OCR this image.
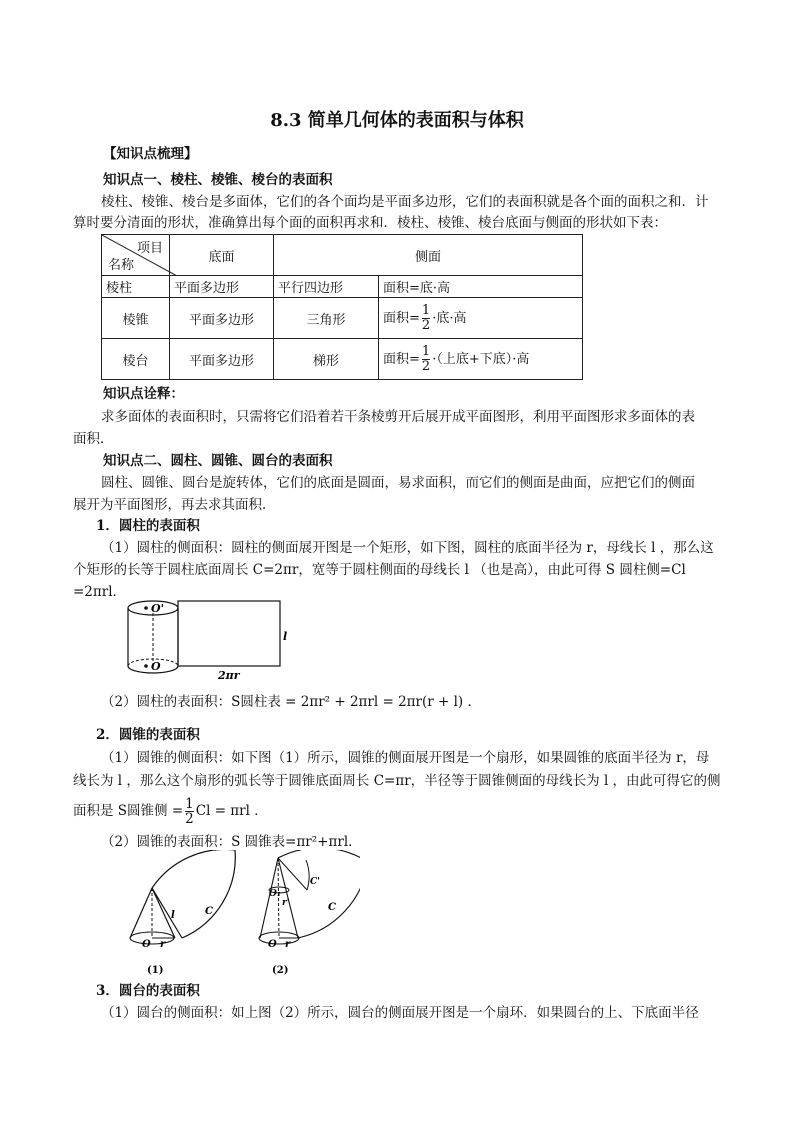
8.3 简单几何体的表面积与体积
【知识点梳理】
知识点一、棱柱、棱锥、棱台的表面积
棱柱、棱锥、棱台是多面体，它们的各个面均是平面多边形，它们的表面积就是各个面的面积之和．计
算时要分清面的形状，准确算出每个面的面积再求和．棱柱、棱锥、棱台底面与侧面的形状如下表：
项目
名称	底面	侧面	
棱柱	平面多边形	平行四边形	面积=底·高
棱锥	平面多边形	三角形	面积= $\frac{1}{2}$ ·底·高
棱台	平面多边形	梯形	面积= $\frac{1}{2}$ ·（上底+下底）·高
知识点诠释：
求多面体的表面积时，只需将它们沿着若干条棱剪开后展开成平面图形，利用平面图形求多面体的表
面积．
知识点二、圆柱、圆锥、圆台的表面积
圆柱、圆锥、圆台是旋转体，它们的底面是圆面，易求面积，而它们的侧面是曲面，应把它们的侧面
展开为平面图形，再去求其面积．
1．圆柱的表面积
（1）圆柱的侧面积：圆柱的侧面展开图是一个矩形，如下图，圆柱的底面半径为 r，母线长 l ，那么这
个矩形的长等于圆柱底面周长 C=2πr，宽等于圆柱侧面的母线长 l （也是高），由此可得 S 圆柱侧=Cl
=2πrl．
O'
O
l
2πr
（2）圆柱的表面积：S圆柱表 = 2πr² + 2πrl = 2πr(r + l) ．
2．圆锥的表面积
（1）圆锥的侧面积：如下图（1）所示，圆锥的侧面展开图是一个扇形，如果圆锥的底面半径为 r，母
线长为 l ，那么这个扇形的弧长等于圆锥底面周长 C=πr，半径等于圆锥侧面的母线长为 l ，由此可得它的侧
面积是 S圆锥侧 = $\frac{1}{2}$ Cl = πrl ．
（2）圆锥的表面积：S 圆锥表=πr²+πrl．
O r
l	C
(1)
O₁
r'
C'
O r
C
(2)
3．圆台的表面积
（1）圆台的侧面积：如上图（2）所示，圆台的侧面展开图是一个扇环．如果圆台的上、下底面半径
